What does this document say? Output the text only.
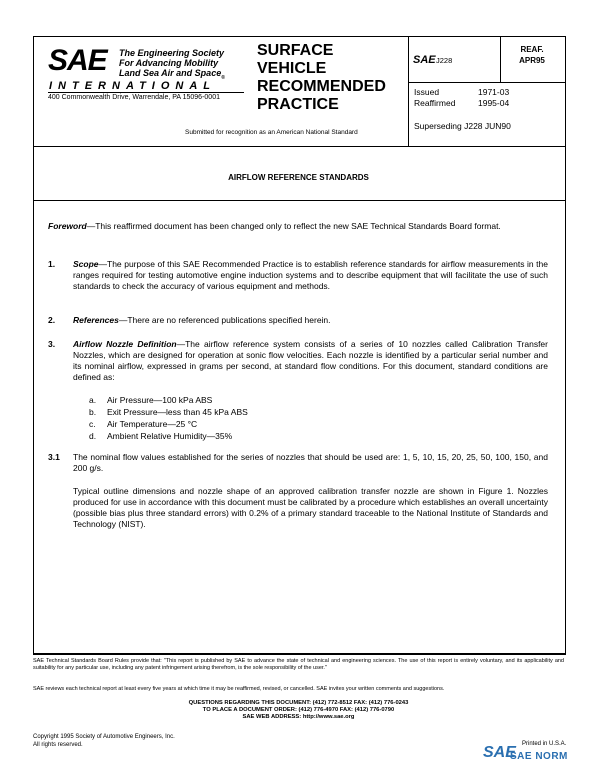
SAE The Engineering Society
For Advancing Mobility
Land Sea Air and Space$_®$
INTERNATIONAL
400 Commonwealth Drive, Warrendale, PA 15096-0001
Submitted for recognition as an American National Standard
SURFACE
VEHICLE
RECOMMENDED
PRACTICE
SAE J228
REAF.
APR95
Issued	1971-03
Reaffirmed	1995-04
Superseding J228 JUN90
AIRFLOW REFERENCE STANDARDS
Foreword—This reaffirmed document has been changed only to reflect the new SAE Technical Standards Board format.
1. Scope—The purpose of this SAE Recommended Practice is to establish reference standards for airflow measurements in the ranges required for testing automotive engine induction systems and to describe equipment that will facilitate the use of such standards to check the accuracy of various equipment and methods.
2. References—There are no referenced publications specified herein.
3. Airflow Nozzle Definition—The airflow reference system consists of a series of 10 nozzles called Calibration Transfer Nozzles, which are designed for operation at sonic flow velocities. Each nozzle is identified by a particular serial number and its nominal airflow, expressed in grams per second, at standard flow conditions. For this document, standard conditions are defined as:
a. Air Pressure—100 kPa ABS
b. Exit Pressure—less than 45 kPa ABS
c. Air Temperature—25 °C
d. Ambient Relative Humidity—35%
3.1 The nominal flow values established for the series of nozzles that should be used are: 1, 5, 10, 15, 20, 25, 50, 100, 150, and 200 g/s.
Typical outline dimensions and nozzle shape of an approved calibration transfer nozzle are shown in Figure 1. Nozzles produced for use in accordance with this document must be calibrated by a procedure which establishes an overall uncertainty (possible bias plus three standard errors) with 0.2% of a primary standard traceable to the National Institute of Standards and Technology (NIST).
SAE Technical Standards Board Rules provide that: "This report is published by SAE to advance the state of technical and engineering sciences. The use of this report is entirely voluntary, and its applicability and suitability for any particular use, including any patent infringement arising therefrom, is the sole responsibility of the user."
SAE reviews each technical report at least every five years at which time it may be reaffirmed, revised, or cancelled. SAE invites your written comments and suggestions.
QUESTIONS REGARDING THIS DOCUMENT: (412) 772-8512 FAX: (412) 776-0243
TO PLACE A DOCUMENT ORDER: (412) 776-4970 FAX: (412) 776-0790
SAE WEB ADDRESS: http://www.sae.org
Copyright 1995 Society of Automotive Engineers, Inc.
All rights reserved.	Printed in U.S.A.
SAE
SAE NORM
